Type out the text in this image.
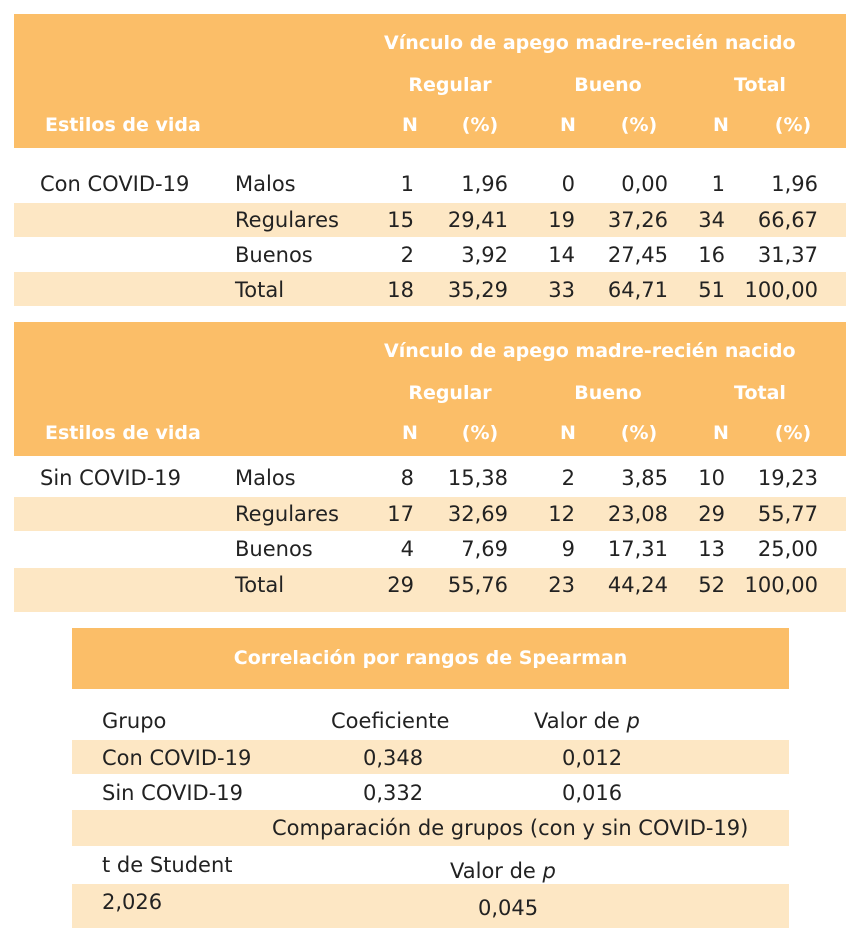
Vínculo de apego madre-recién nacido
Regular	Bueno	Total
Estilos de vida	N	(%)	N	(%)	N	(%)
Con COVID-19 Malos	1	1,96	0	0,00	1	1,96
Regulares	15	29,41	19	37,26	34	66,67
Buenos	2	3,92	14	27,45	16	31,37
Total	18	35,29	33	64,71	51 100,00
Vínculo de apego madre-recién nacido
Regular	Bueno	Total
Estilos de vida	N	(%)	N	(%)	N	(%)
Sin COVID-19	Malos	8	15,38	2	3,85	10	19,23
Regulares	17	32,69	12	23,08	29	55,77
Buenos	4	7,69	9	17,31	13	25,00
Total	29	55,76	23	44,24	52 100,00
Correlación por rangos de Spearman
Grupo	Coeficiente	Valor de p
Con COVID-19	0,348	0,012
Sin COVID-19	0,332	0,016
Comparación de grupos (con y sin COVID-19)
t de Student	Valor de p
2,026	0,045
